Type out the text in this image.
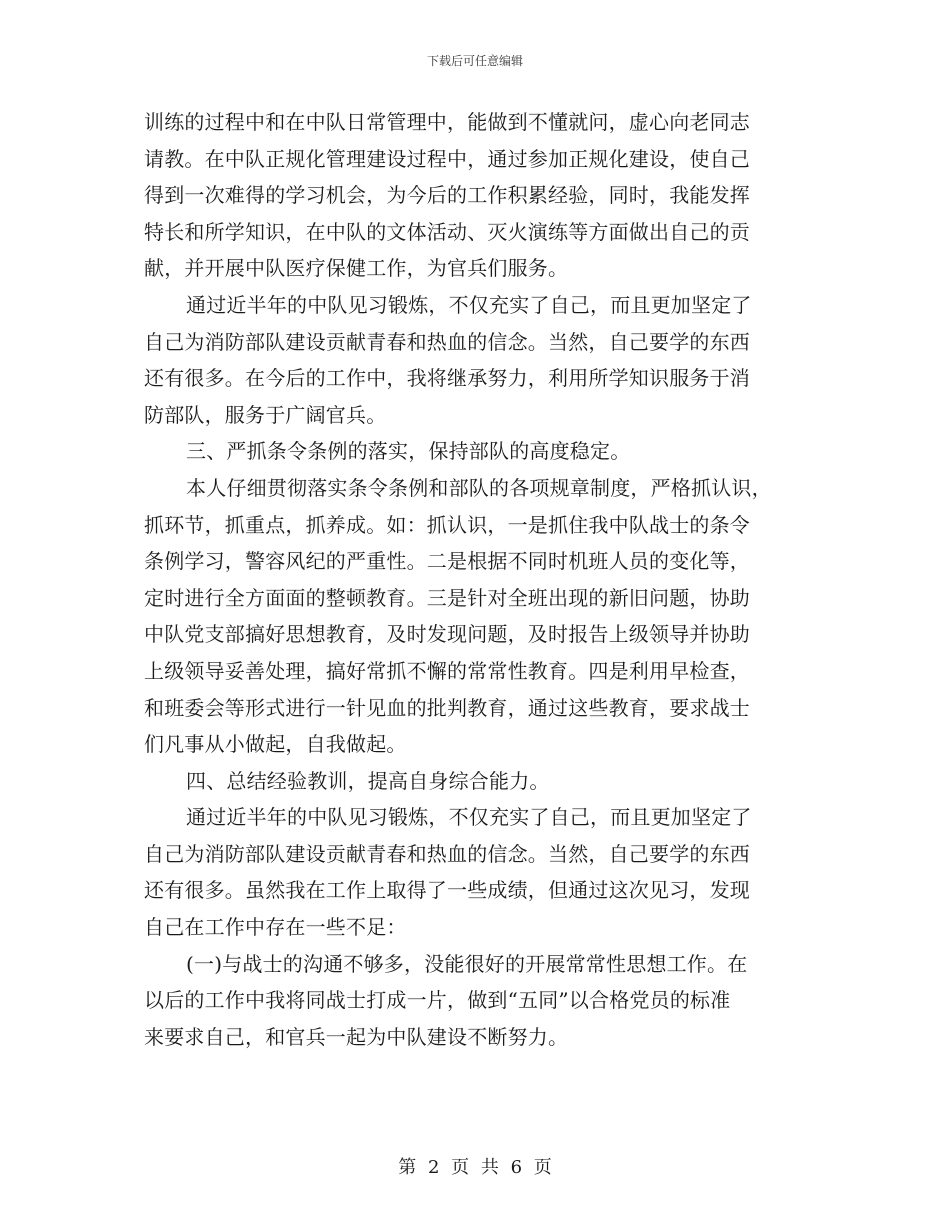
下载后可任意编辑
训练的过程中和在中队日常管理中，能做到不懂就问，虚心向老同志
请教。在中队正规化管理建设过程中，通过参加正规化建设，使自己
得到一次难得的学习机会，为今后的工作积累经验，同时，我能发挥
特长和所学知识，在中队的文体活动、灭火演练等方面做出自己的贡
献，并开展中队医疗保健工作，为官兵们服务。
通过近半年的中队见习锻炼，不仅充实了自己，而且更加坚定了
自己为消防部队建设贡献青春和热血的信念。当然，自己要学的东西
还有很多。在今后的工作中，我将继承努力，利用所学知识服务于消
防部队，服务于广阔官兵。
三、严抓条令条例的落实，保持部队的高度稳定。
本人仔细贯彻落实条令条例和部队的各项规章制度，严格抓认识，
抓环节，抓重点，抓养成。如：抓认识，一是抓住我中队战士的条令
条例学习，警容风纪的严重性。二是根据不同时机班人员的变化等，
定时进行全方面面的整顿教育。三是针对全班出现的新旧问题，协助
中队党支部搞好思想教育，及时发现问题，及时报告上级领导并协助
上级领导妥善处理，搞好常抓不懈的常常性教育。四是利用早检查，
和班委会等形式进行一针见血的批判教育，通过这些教育，要求战士
们凡事从小做起，自我做起。
四、总结经验教训，提高自身综合能力。
通过近半年的中队见习锻炼，不仅充实了自己，而且更加坚定了
自己为消防部队建设贡献青春和热血的信念。当然，自己要学的东西
还有很多。虽然我在工作上取得了一些成绩，但通过这次见习，发现
自己在工作中存在一些不足：
(一)与战士的沟通不够多，没能很好的开展常常性思想工作。在
以后的工作中我将同战士打成一片，做到“五同”以合格党员的标准
来要求自己，和官兵一起为中队建设不断努力。
第 2 页 共 6 页
